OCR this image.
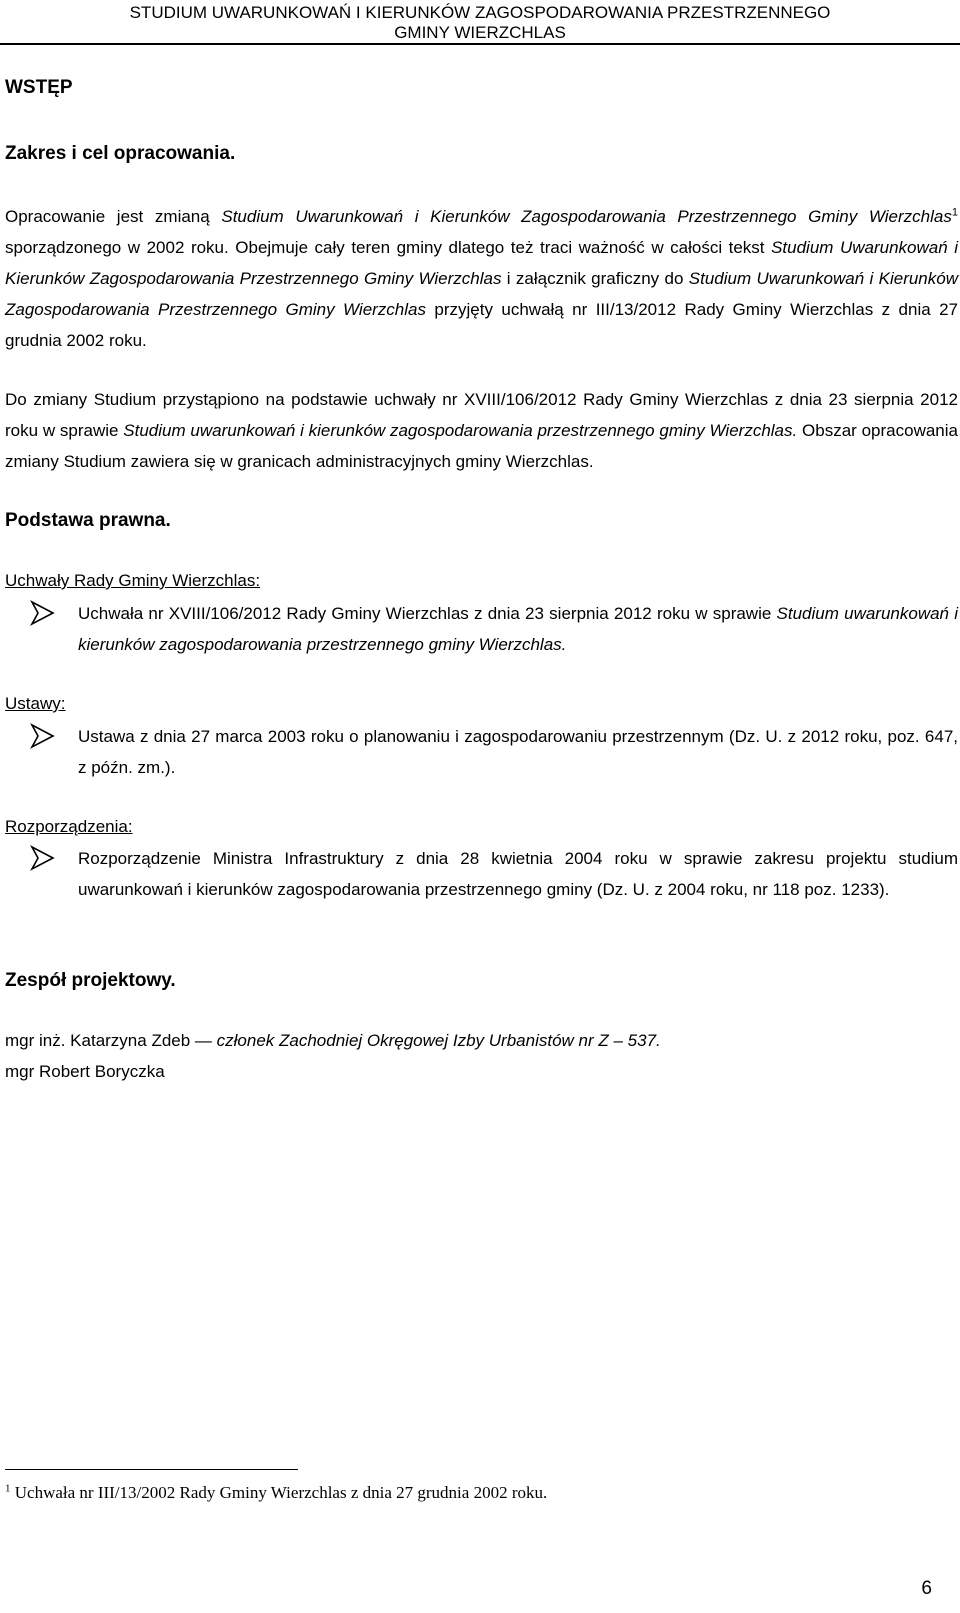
STUDIUM UWARUNKOWAŃ I KIERUNKÓW ZAGOSPODAROWANIA PRZESTRZENNEGO
GMINY WIERZCHLAS
WSTĘP
Zakres i cel opracowania.
Opracowanie jest zmianą Studium Uwarunkowań i Kierunków Zagospodarowania Przestrzennego Gminy Wierzchlas$^1$ sporządzonego w 2002 roku. Obejmuje cały teren gminy dlatego też traci ważność w całości tekst Studium Uwarunkowań i Kierunków Zagospodarowania Przestrzennego Gminy Wierzchlas i załącznik graficzny do Studium Uwarunkowań i Kierunków Zagospodarowania Przestrzennego Gminy Wierzchlas przyjęty uchwałą nr III/13/2012 Rady Gminy Wierzchlas z dnia 27 grudnia 2002 roku.
Do zmiany Studium przystąpiono na podstawie uchwały nr XVIII/106/2012 Rady Gminy Wierzchlas z dnia 23 sierpnia 2012 roku w sprawie Studium uwarunkowań i kierunków zagospodarowania przestrzennego gminy Wierzchlas. Obszar opracowania zmiany Studium zawiera się w granicach administracyjnych gminy Wierzchlas.
Podstawa prawna.
Uchwały Rady Gminy Wierzchlas:
Uchwała nr XVIII/106/2012 Rady Gminy Wierzchlas z dnia 23 sierpnia 2012 roku w sprawie Studium uwarunkowań i kierunków zagospodarowania przestrzennego gminy Wierzchlas.
Ustawy:
Ustawa z dnia 27 marca 2003 roku o planowaniu i zagospodarowaniu przestrzennym (Dz. U. z 2012 roku, poz. 647, z późn. zm.).
Rozporządzenia:
Rozporządzenie Ministra Infrastruktury z dnia 28 kwietnia 2004 roku w sprawie zakresu projektu studium uwarunkowań i kierunków zagospodarowania przestrzennego gminy (Dz. U. z 2004 roku, nr 118 poz. 1233).
Zespół projektowy.
mgr inż. Katarzyna Zdeb — członek Zachodniej Okręgowej Izby Urbanistów nr Z – 537.
mgr Robert Boryczka
$^1$ Uchwała nr III/13/2002 Rady Gminy Wierzchlas z dnia 27 grudnia 2002 roku.
6
